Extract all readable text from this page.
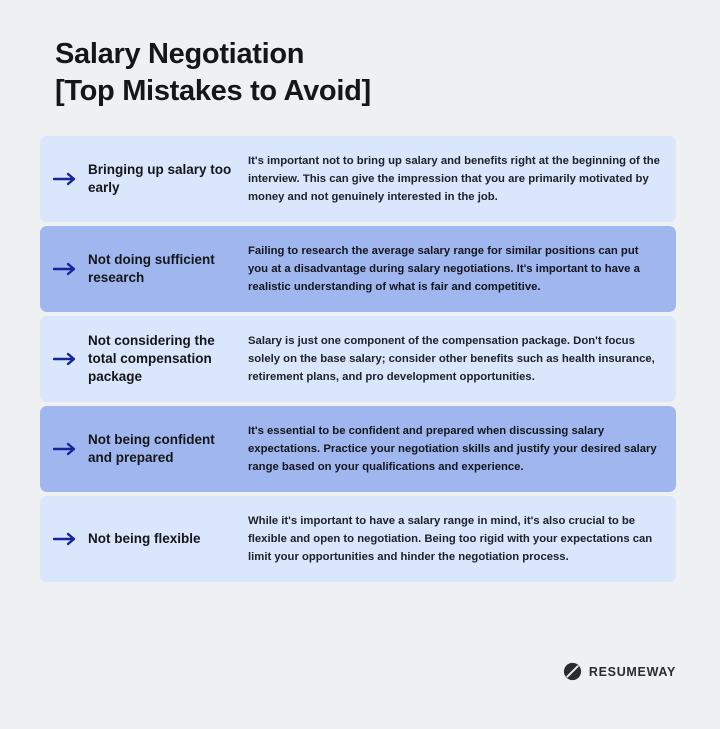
Salary Negotiation
[Top Mistakes to Avoid]
Bringing up salary too early
It's important not to bring up salary and benefits right at the beginning of the interview. This can give the impression that you are primarily motivated by money and not genuinely interested in the job.
Not doing sufficient research
Failing to research the average salary range for similar positions can put you at a disadvantage during salary negotiations. It's important to have a realistic understanding of what is fair and competitive.
Not considering the total compensation package
Salary is just one component of the compensation package. Don't focus solely on the base salary; consider other benefits such as health insurance, retirement plans, and pro development opportunities.
Not being confident and prepared
It's essential to be confident and prepared when discussing salary expectations. Practice your negotiation skills and justify your desired salary range based on your qualifications and experience.
Not being flexible
While it's important to have a salary range in mind, it's also crucial to be flexible and open to negotiation. Being too rigid with your expectations can limit your opportunities and hinder the negotiation process.
RESUMEWAY
